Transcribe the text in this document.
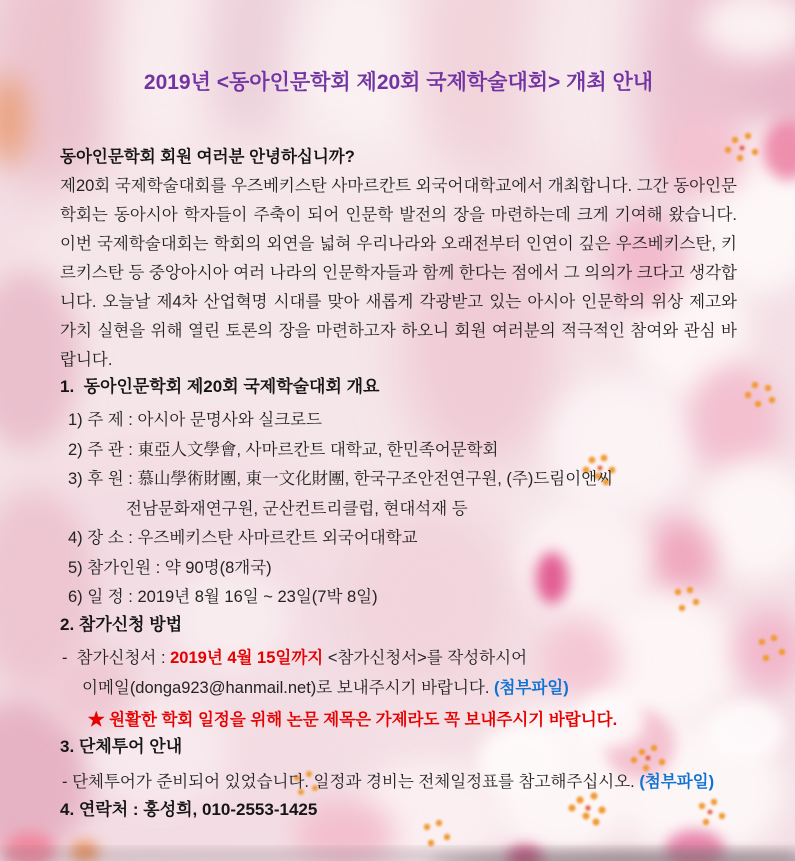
2019년 <동아인문학회 제20회 국제학술대회> 개최 안내

동아인문학회 회원 여러분 안녕하십니까?

제20회 국제학술대회를 우즈베키스탄 사마르칸트 외국어대학교에서 개최합니다. 그간 동아인문학회는 동아시아 학자들이 주축이 되어 인문학 발전의 장을 마련하는데 크게 기여해 왔습니다. 이번 국제학술대회는 학회의 외연을 넓혀 우리나라와 오래전부터 인연이 깊은 우즈베키스탄, 키르키스탄 등 중앙아시아 여러 나라의 인문학자들과 함께 한다는 점에서 그 의의가 크다고 생각합니다. 오늘날 제4차 산업혁명 시대를 맞아 새롭게 각광받고 있는 아시아 인문학의 위상 제고와 가치 실현을 위해 열린 토론의 장을 마련하고자 하오니 회원 여러분의 적극적인 참여와 관심 바랍니다.

1.  동아인문학회 제20회 국제학술대회 개요
1) 주 제 : 아시아 문명사와 실크로드
2) 주 관 : 東亞人文學會, 사마르칸트 대학교, 한민족어문학회
3) 후 원 : 慕山學術財團, 東一文化財團, 한국구조안전연구원, (주)드림이앤씨
전남문화재연구원, 군산컨트리클럽, 현대석재 등
4) 장 소 : 우즈베키스탄 사마르칸트 외국어대학교
5) 참가인원 : 약 90명(8개국)
6) 일 정 : 2019년 8월 16일 ~ 23일(7박 8일)
2. 참가신청 방법

-  참가신청서 : 2019년 4월 15일까지 <참가신청서>를 작성하시어

이메일(donga923@hanmail.net)로 보내주시기 바랍니다. (첨부파일)

★ 원활한 학회 일정을 위해 논문 제목은 가제라도 꼭 보내주시기 바랍니다.

3. 단체투어 안내

- 단체투어가 준비되어 있었습니다. 일정과 경비는 전체일정표를 참고해주십시오. (첨부파일)

4. 연락처 : 홍성희, 010-2553-1425
